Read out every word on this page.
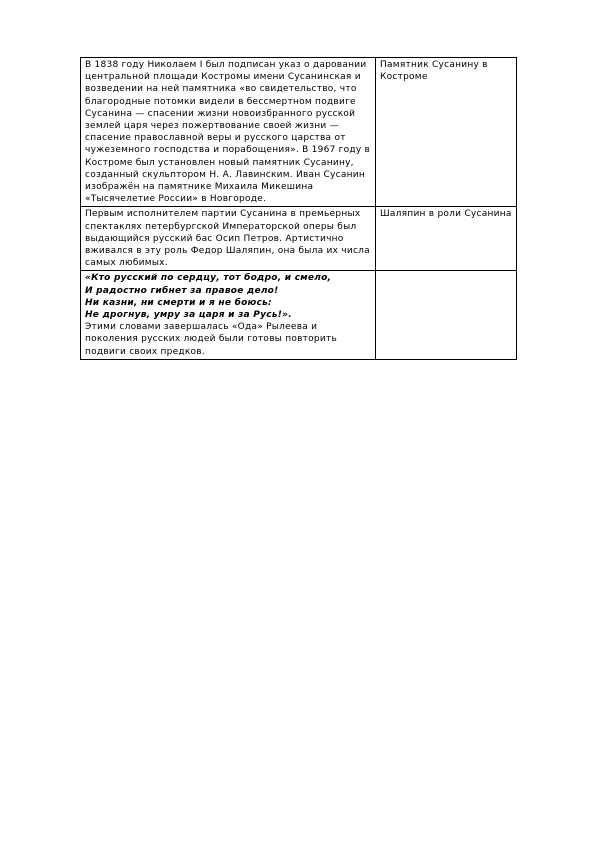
В 1838 году Николаем I был подписан указ о даровании центральной площади Костромы имени Сусанинская и возведении на ней памятника «во свидетельство, что благородные потомки видели в бессмертном подвиге Сусанина — спасении жизни новоизбранного русской землей царя через пожертвование своей жизни — спасение православной веры и русского царства от чужеземного господства и порабощения». В 1967 году в Костроме был установлен новый памятник Сусанину, созданный скульптором Н. А. Лавинским. Иван Сусанин изображён на памятнике Михаила Микешина «Тысячелетие России» в Новгороде.	Памятник Сусанину в Костроме

Первым исполнителем партии Сусанина в премьерных спектаклях петербургской Императорской оперы был выдающийся русский бас Осип Петров. Артистично вживался в эту роль Федор Шаляпин, она была их числа самых любимых.	Шаляпин в роли Сусанина

«Кто русский по сердцу, тот бодро, и смело,
И радостно гибнет за правое дело!
Ни казни, ни смерти и я не боюсь:
Не дрогнув, умру за царя и за Русь!».
Этими словами завершалась «Ода» Рылеева и поколения русских людей были готовы повторить подвиги своих предков.	
